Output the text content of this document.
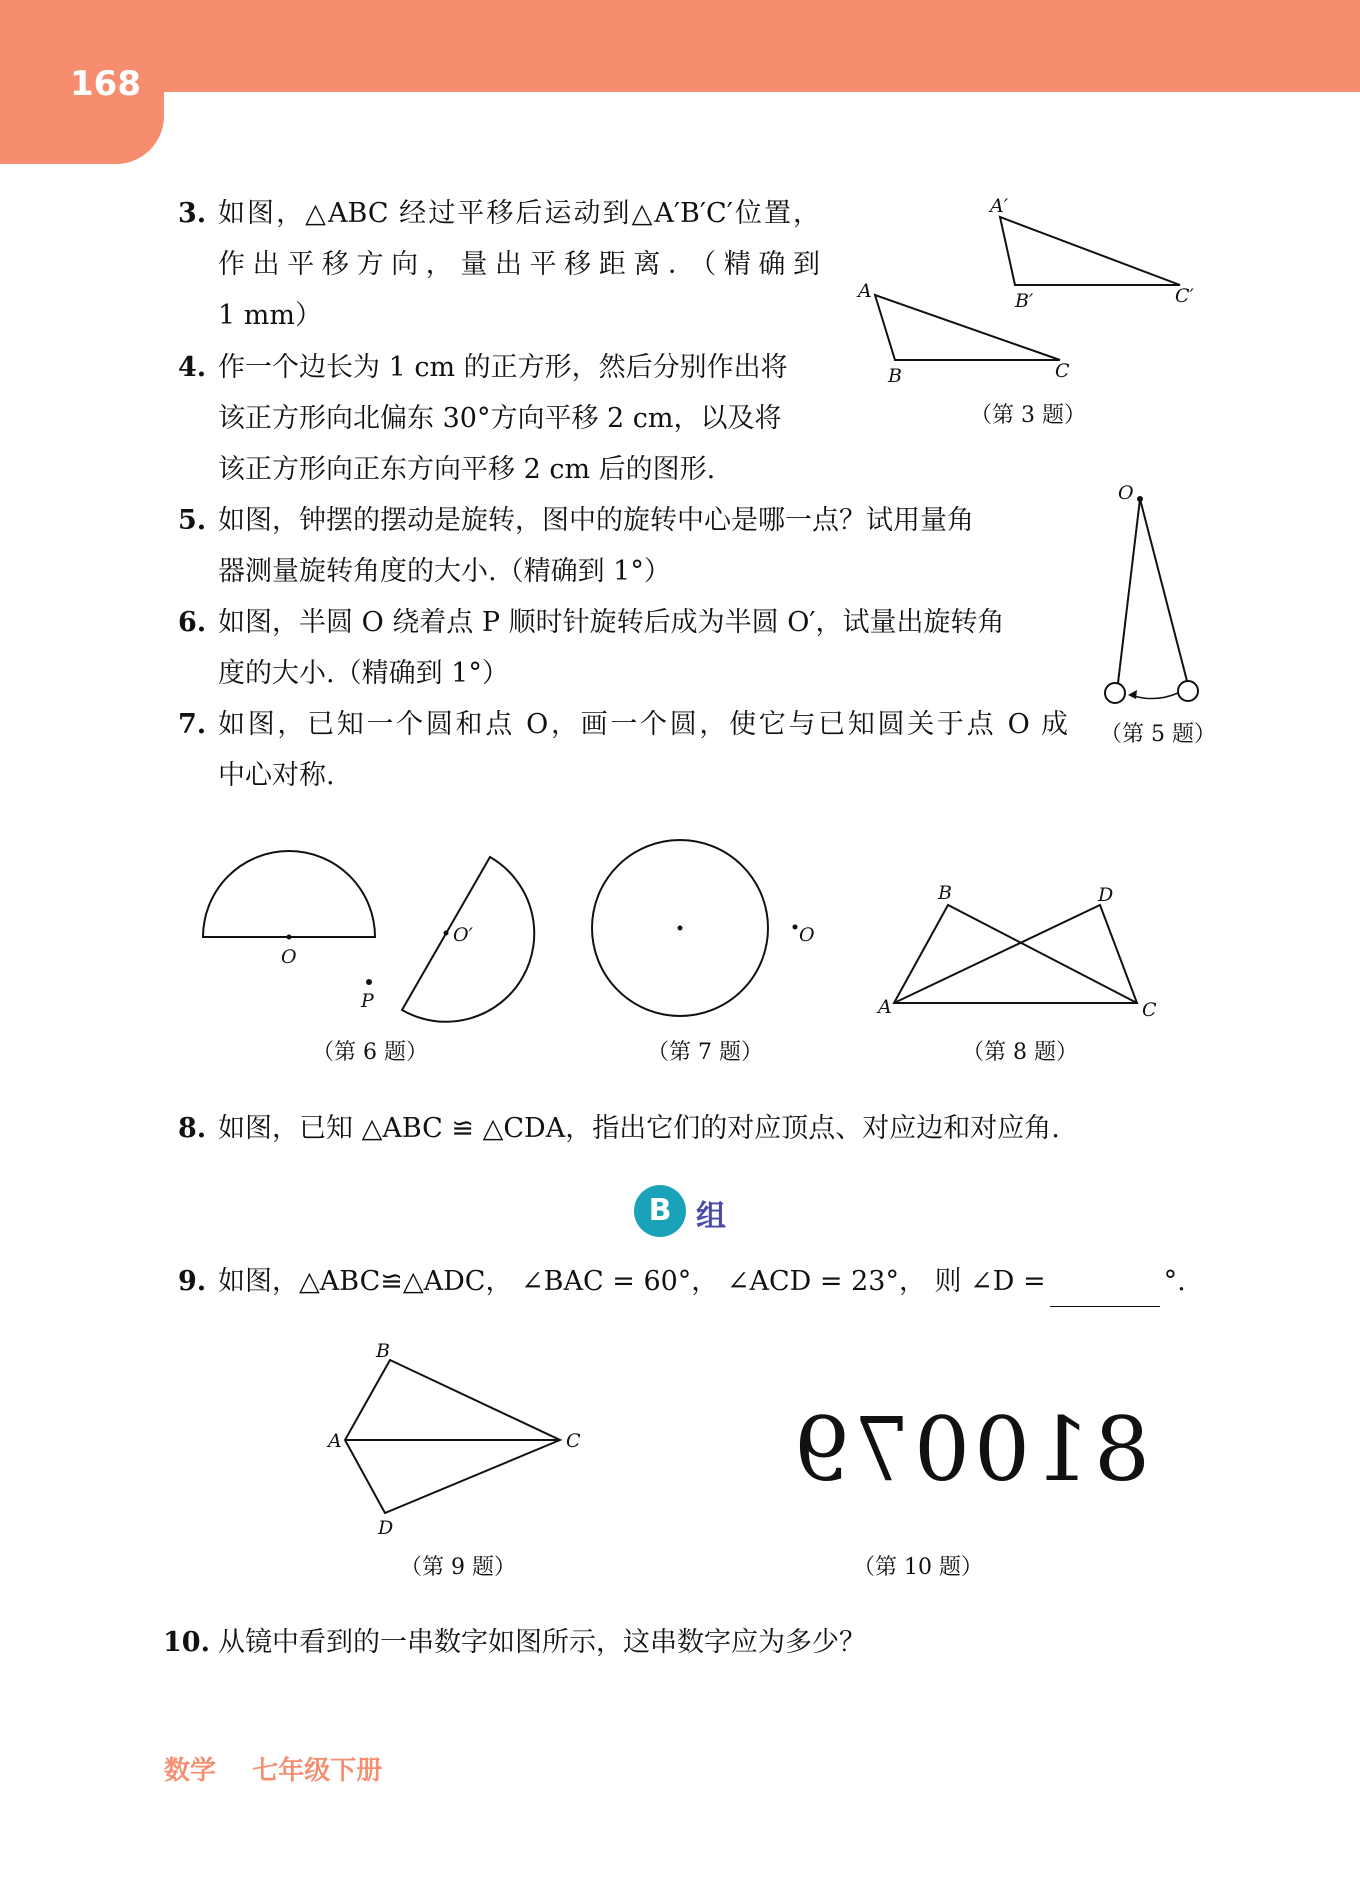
168
3. 如图，△ABC 经过平移后运动到△A′B′C′位置，
作出平移方向，量出平移距离．（精确到
1 mm）
4. 作一个边长为 1 cm 的正方形，然后分别作出将
该正方形向北偏东 30°方向平移 2 cm，以及将
该正方形向正东方向平移 2 cm 后的图形.
A′
B′	C′
A
B	C
（第 3 题）
5. 如图，钟摆的摆动是旋转，图中的旋转中心是哪一点？试用量角
器测量旋转角度的大小.（精确到 1°）
6. 如图，半圆 O 绕着点 P 顺时针旋转后成为半圆 O′，试量出旋转角
度的大小.（精确到 1°）
7. 如图，已知一个圆和点 O，画一个圆，使它与已知圆关于点 O 成
中心对称.
O
（第 5 题）
O
O′
P
（第 6 题）
O
（第 7 题）
A
B
C
D
（第 8 题）
8. 如图，已知 △ABC ≌ △CDA，指出它们的对应顶点、对应边和对应角.
B 组
9. 如图，△ABC≌△ADC， ∠BAC = 60°， ∠ACD = 23°， 则 ∠D =	°.
A
B
C
D
（第 9 题）
810079
（第 10 题）
10. 从镜中看到的一串数字如图所示，这串数字应为多少？
数学    七年级下册
